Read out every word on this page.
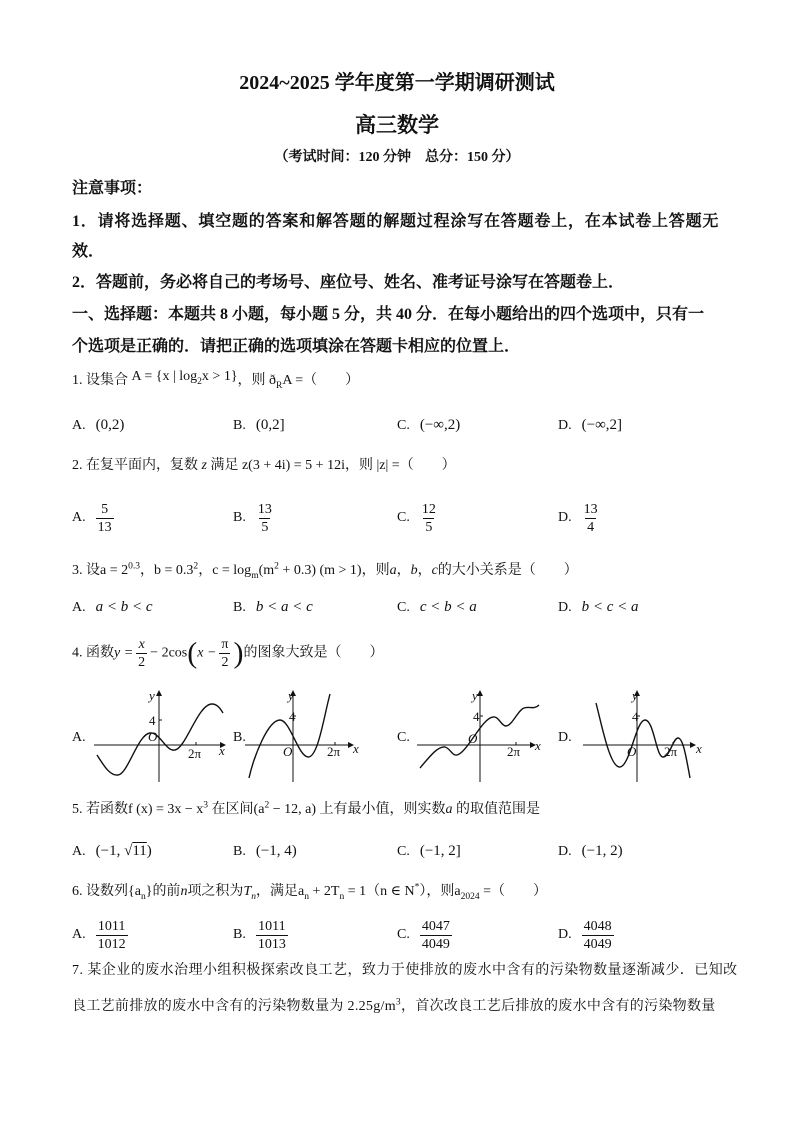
2024~2025 学年度第一学期调研测试
高三数学
（考试时间：120 分钟　总分：150 分）
注意事项：
1．请将选择题、填空题的答案和解答题的解题过程涂写在答题卷上，在本试卷上答题无
效．
2．答题前，务必将自己的考场号、座位号、姓名、准考证号涂写在答题卷上．
一、选择题：本题共 8 小题，每小题 5 分，共 40 分．在每小题给出的四个选项中，只有一
个选项是正确的．请把正确的选项填涂在答题卡相应的位置上．
1. 设集合 A = {x | $\log_2x > 1$}，则 $ð_RA$ =（　　）
A. (0,2)	B. (0,2]	C. (−∞,2)	D. (−∞,2]
2. 在复平面内，复数 z 满足 z(3 + 4i) = 5 + 12i，则 |z| =（　　）
A. $\frac{5}{13}$	B. $\frac{13}{5}$	C. $\frac{12}{5}$	D. $\frac{13}{4}$
3. 设$a = 2^{0.3}$，$b = 0.3^2$，$c = \log_m(m^2 + 0.3) (m > 1)$，则a，b，c的大小关系是（　　）
A. a < b < c	B. b < a < c	C. c < b < a	D. b < c < a
4. 函数$y = \frac{x}{2} - 2\cos(x - \frac{\pi}{2}$ )的图象大致是（　　）
A.	B.	C.	D.
y
4
O
2π x
y
4
O	2π x
y
4
O
2π x
y
4
O 2π x
5. 若函数f $(x) = 3x - x^3$ 在区间($a^2 - 12$, a) 上有最小值，则实数a 的取值范围是
A. (−1, √11)	B. (−1, 4)	C. (−1, 2]	D. (−1, 2)
6. 设数列$\{a_n\}$的前n项之积为$T_n$，满足$a_n + 2T_n = 1(n$ ∈ N*），则$a_{2024}$ =（　　）
A. $\frac{1011}{1012}$	B. $\frac{1011}{1013}$	C. $\frac{4047}{4049}$	D. $\frac{4048}{4049}$
7. 某企业的废水治理小组积极探索改良工艺，致力于使排放的废水中含有的污染物数量逐渐减少．已知改
良工艺前排放的废水中含有的污染物数量为 $2.25g/m^3$，首次改良工艺后排放的废水中含有的污染物数量
